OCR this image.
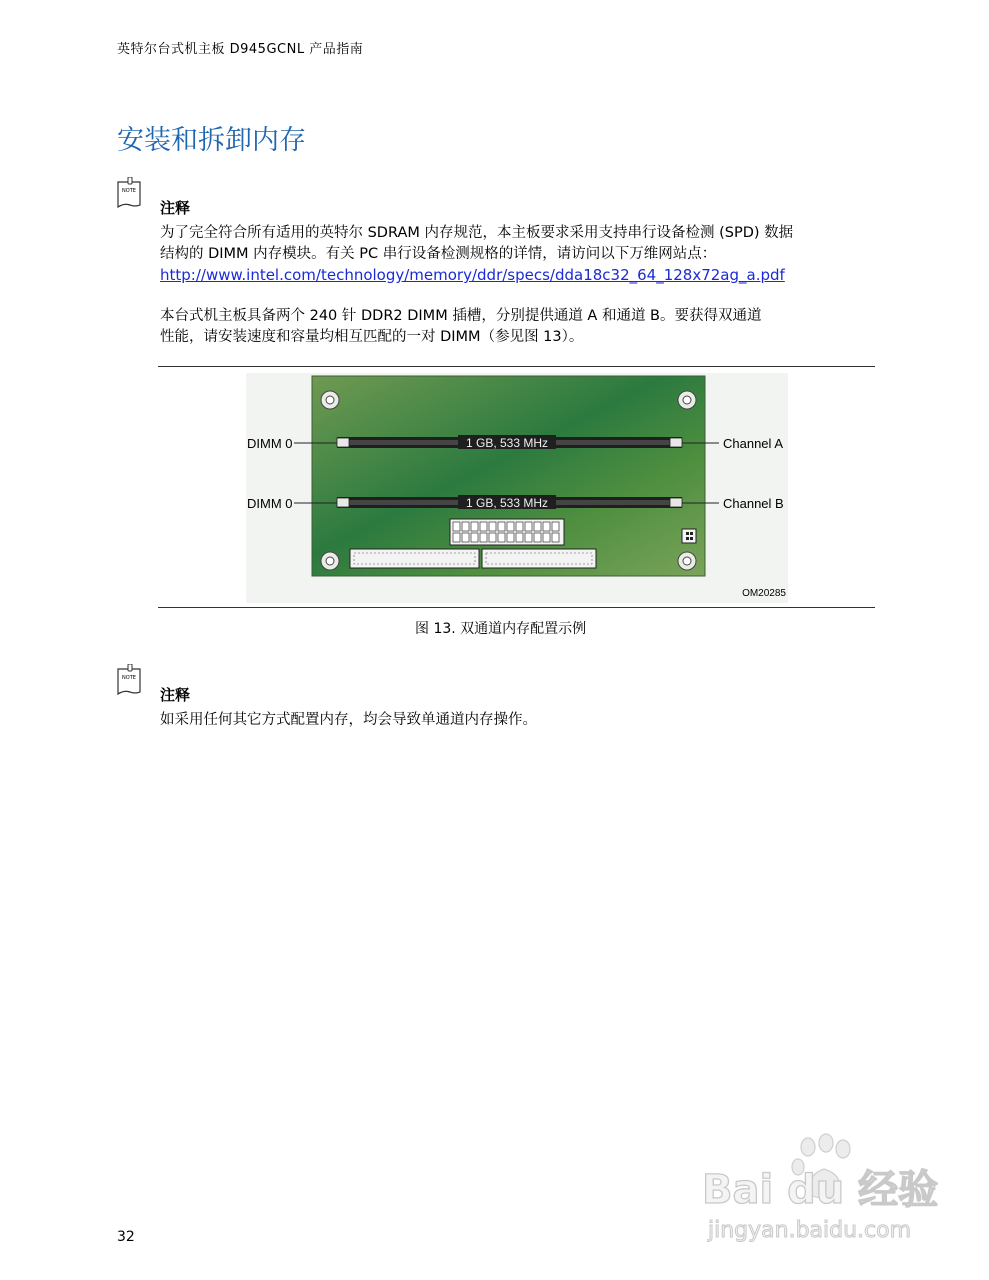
英特尔台式机主板 D945GCNL 产品指南
安装和拆卸内存
NOTE
注释
为了完全符合所有适用的英特尔 SDRAM 内存规范，本主板要求采用支持串行设备检测 (SPD) 数据
结构的 DIMM 内存模块。有关 PC 串行设备检测规格的详情，请访问以下万维网站点：
http://www.intel.com/technology/memory/ddr/specs/dda18c32_64_128x72ag_a.pdf
本台式机主板具备两个 240 针 DDR2 DIMM 插槽，分别提供通道 A 和通道 B。要获得双通道
性能，请安装速度和容量均相互匹配的一对 DIMM（参见图 13）。
1 GB, 533 MHz
1 GB, 533 MHz
DIMM 0
DIMM 0
Channel A
Channel B
OM20285
图 13. 双通道内存配置示例
NOTE
注释
如采用任何其它方式配置内存，均会导致单通道内存操作。
Bai du 经验
jingyan.baidu.com
32
